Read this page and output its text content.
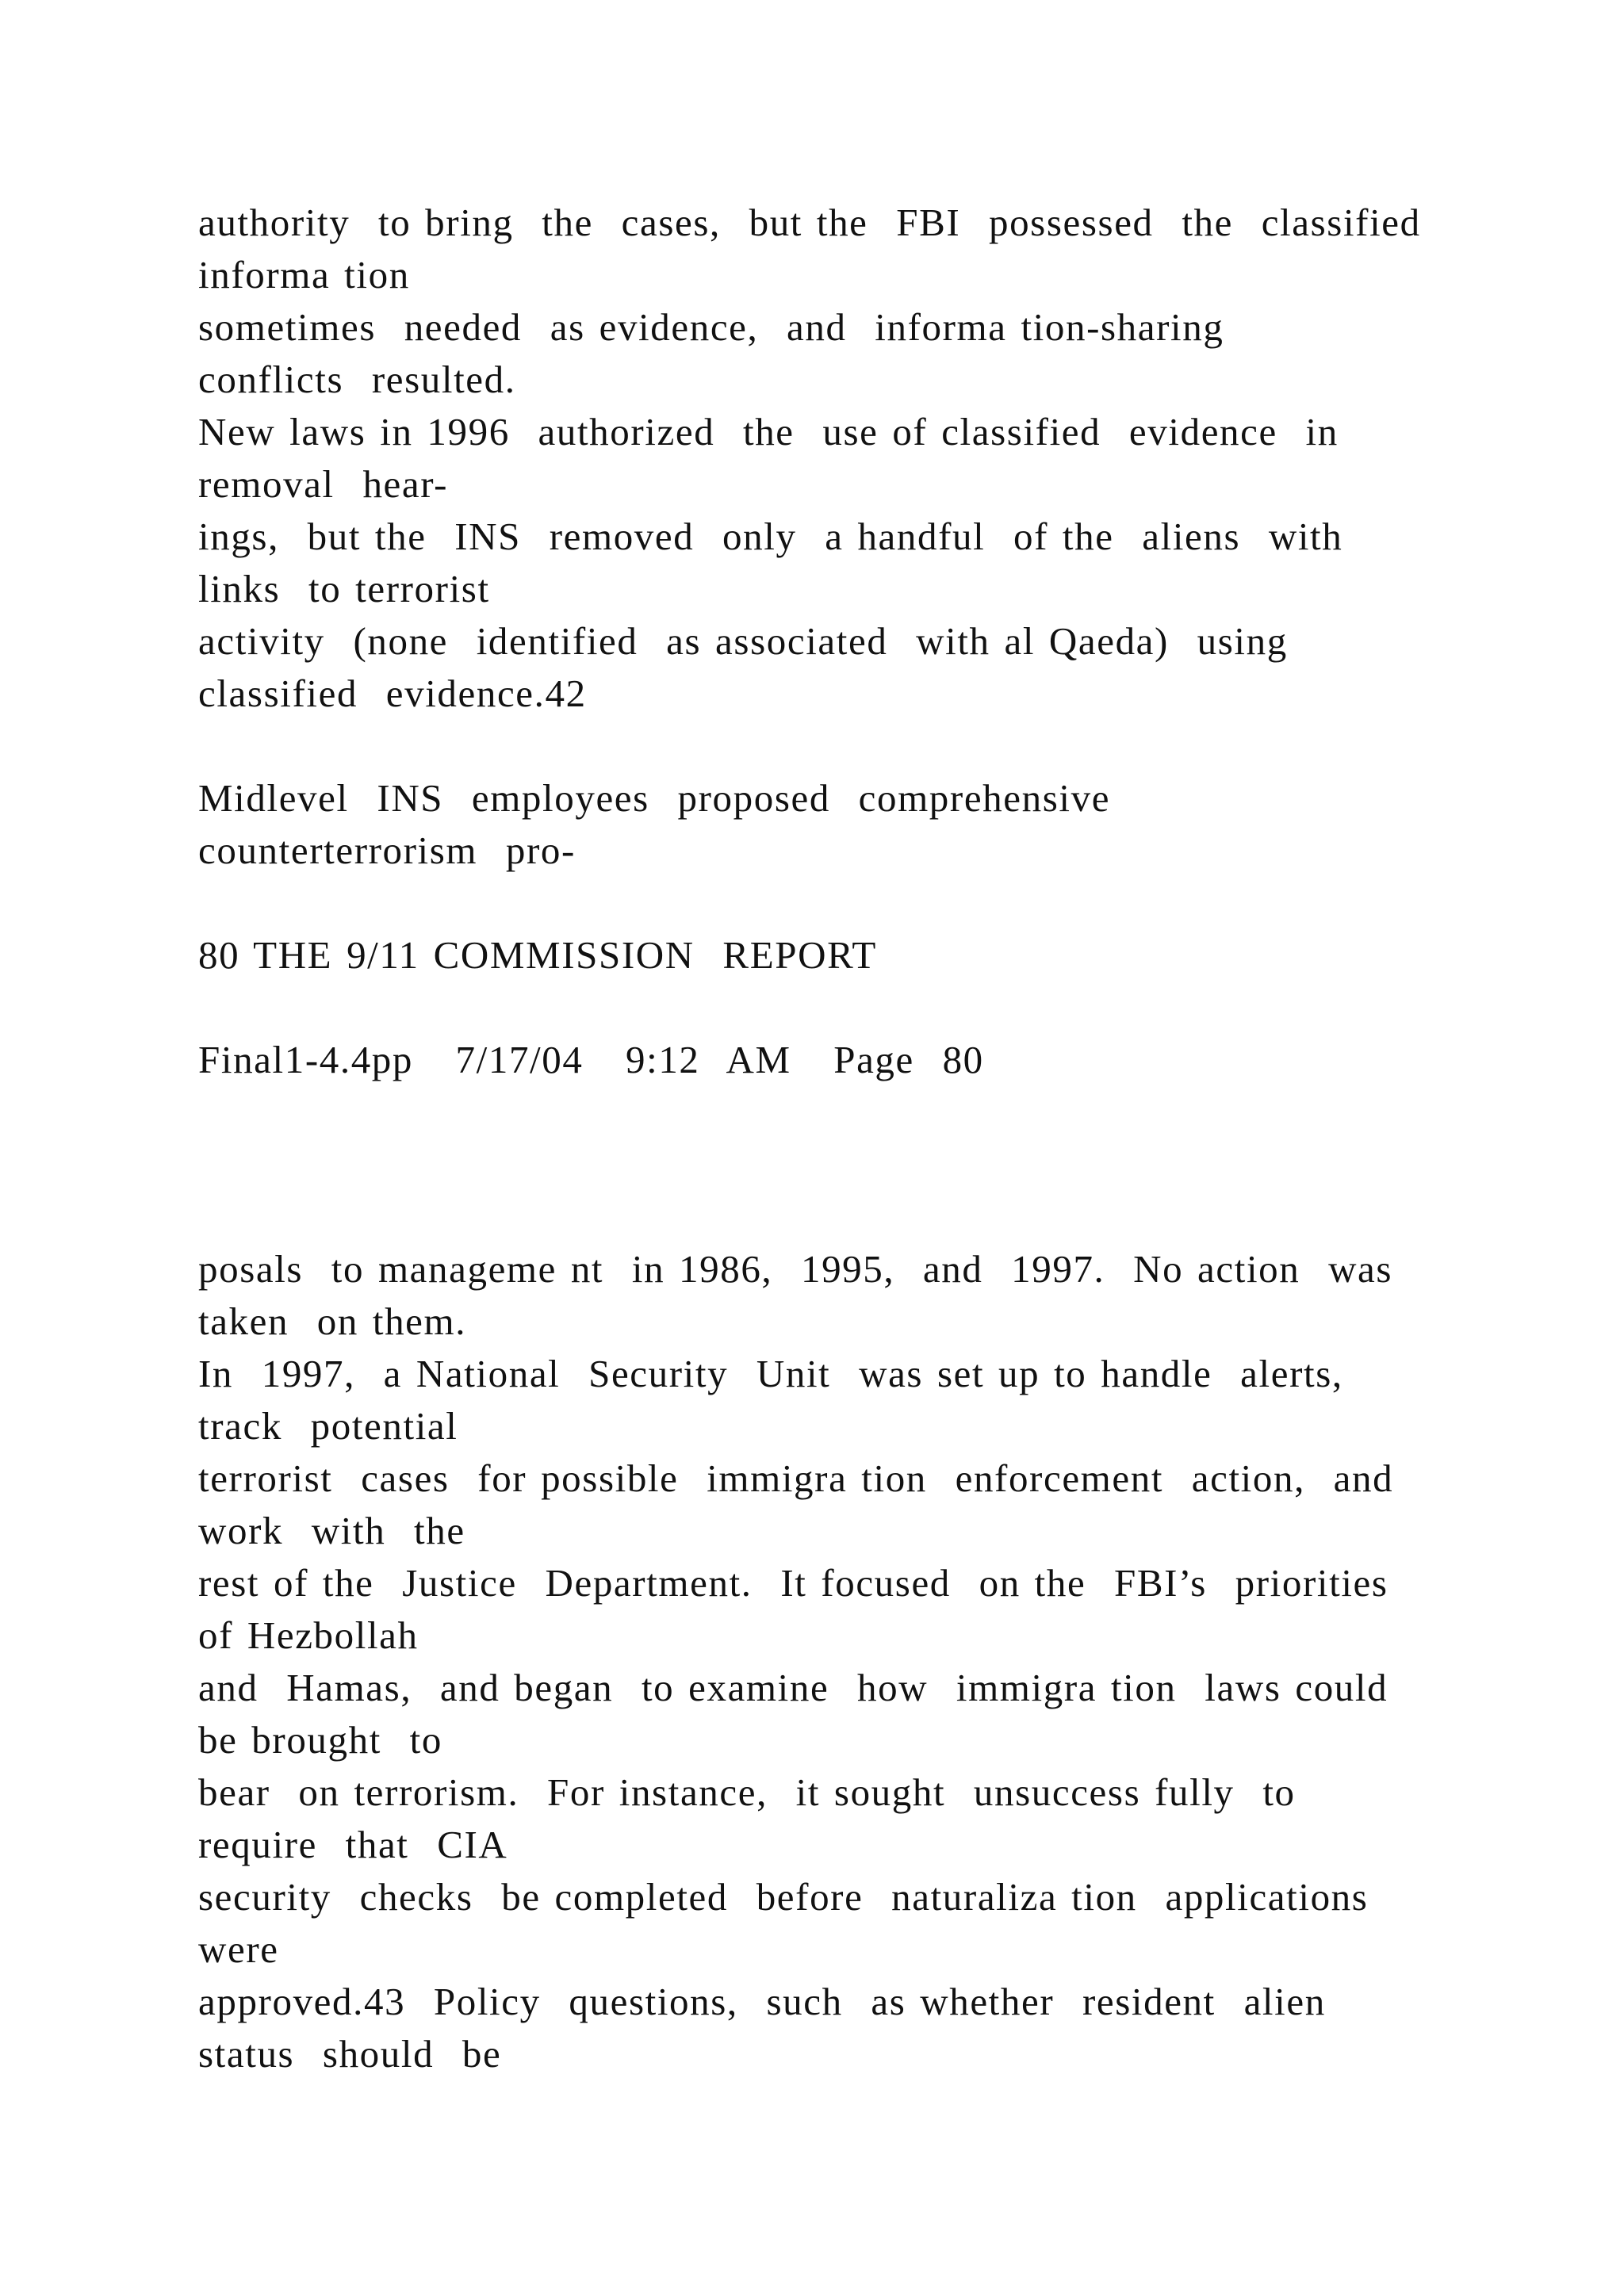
authority  to bring  the  cases,  but the  FBI  possessed  the  classified
informa tion
sometimes  needed  as evidence,  and  informa tion-sharing
conflicts  resulted.
New laws in 1996  authorized  the  use of classified  evidence  in
removal  hear-
ings,  but the  INS  removed  only  a handful  of the  aliens  with
links  to terrorist
activity  (none  identified  as associated  with al Qaeda)  using
classified  evidence.42
Midlevel  INS  employees  proposed  comprehensive
counterterrorism  pro-
80 THE 9/11 COMMISSION  REPORT
Final1-4.4pp   7/17/04   9:12  AM   Page  80
posals  to manageme nt  in 1986,  1995,  and  1997.  No action  was
taken  on them.
In  1997,  a National  Security  Unit  was set up to handle  alerts,
track  potential
terrorist  cases  for possible  immigra tion  enforcement  action,  and
work  with  the
rest of the  Justice  Department.  It focused  on the  FBI’s  priorities
of Hezbollah
and  Hamas,  and began  to examine  how  immigra tion  laws could
be brought  to
bear  on terrorism.  For instance,  it sought  unsuccess fully  to
require  that  CIA
security  checks  be completed  before  naturaliza tion  applications
were
approved.43  Policy  questions,  such  as whether  resident  alien
status  should  be
